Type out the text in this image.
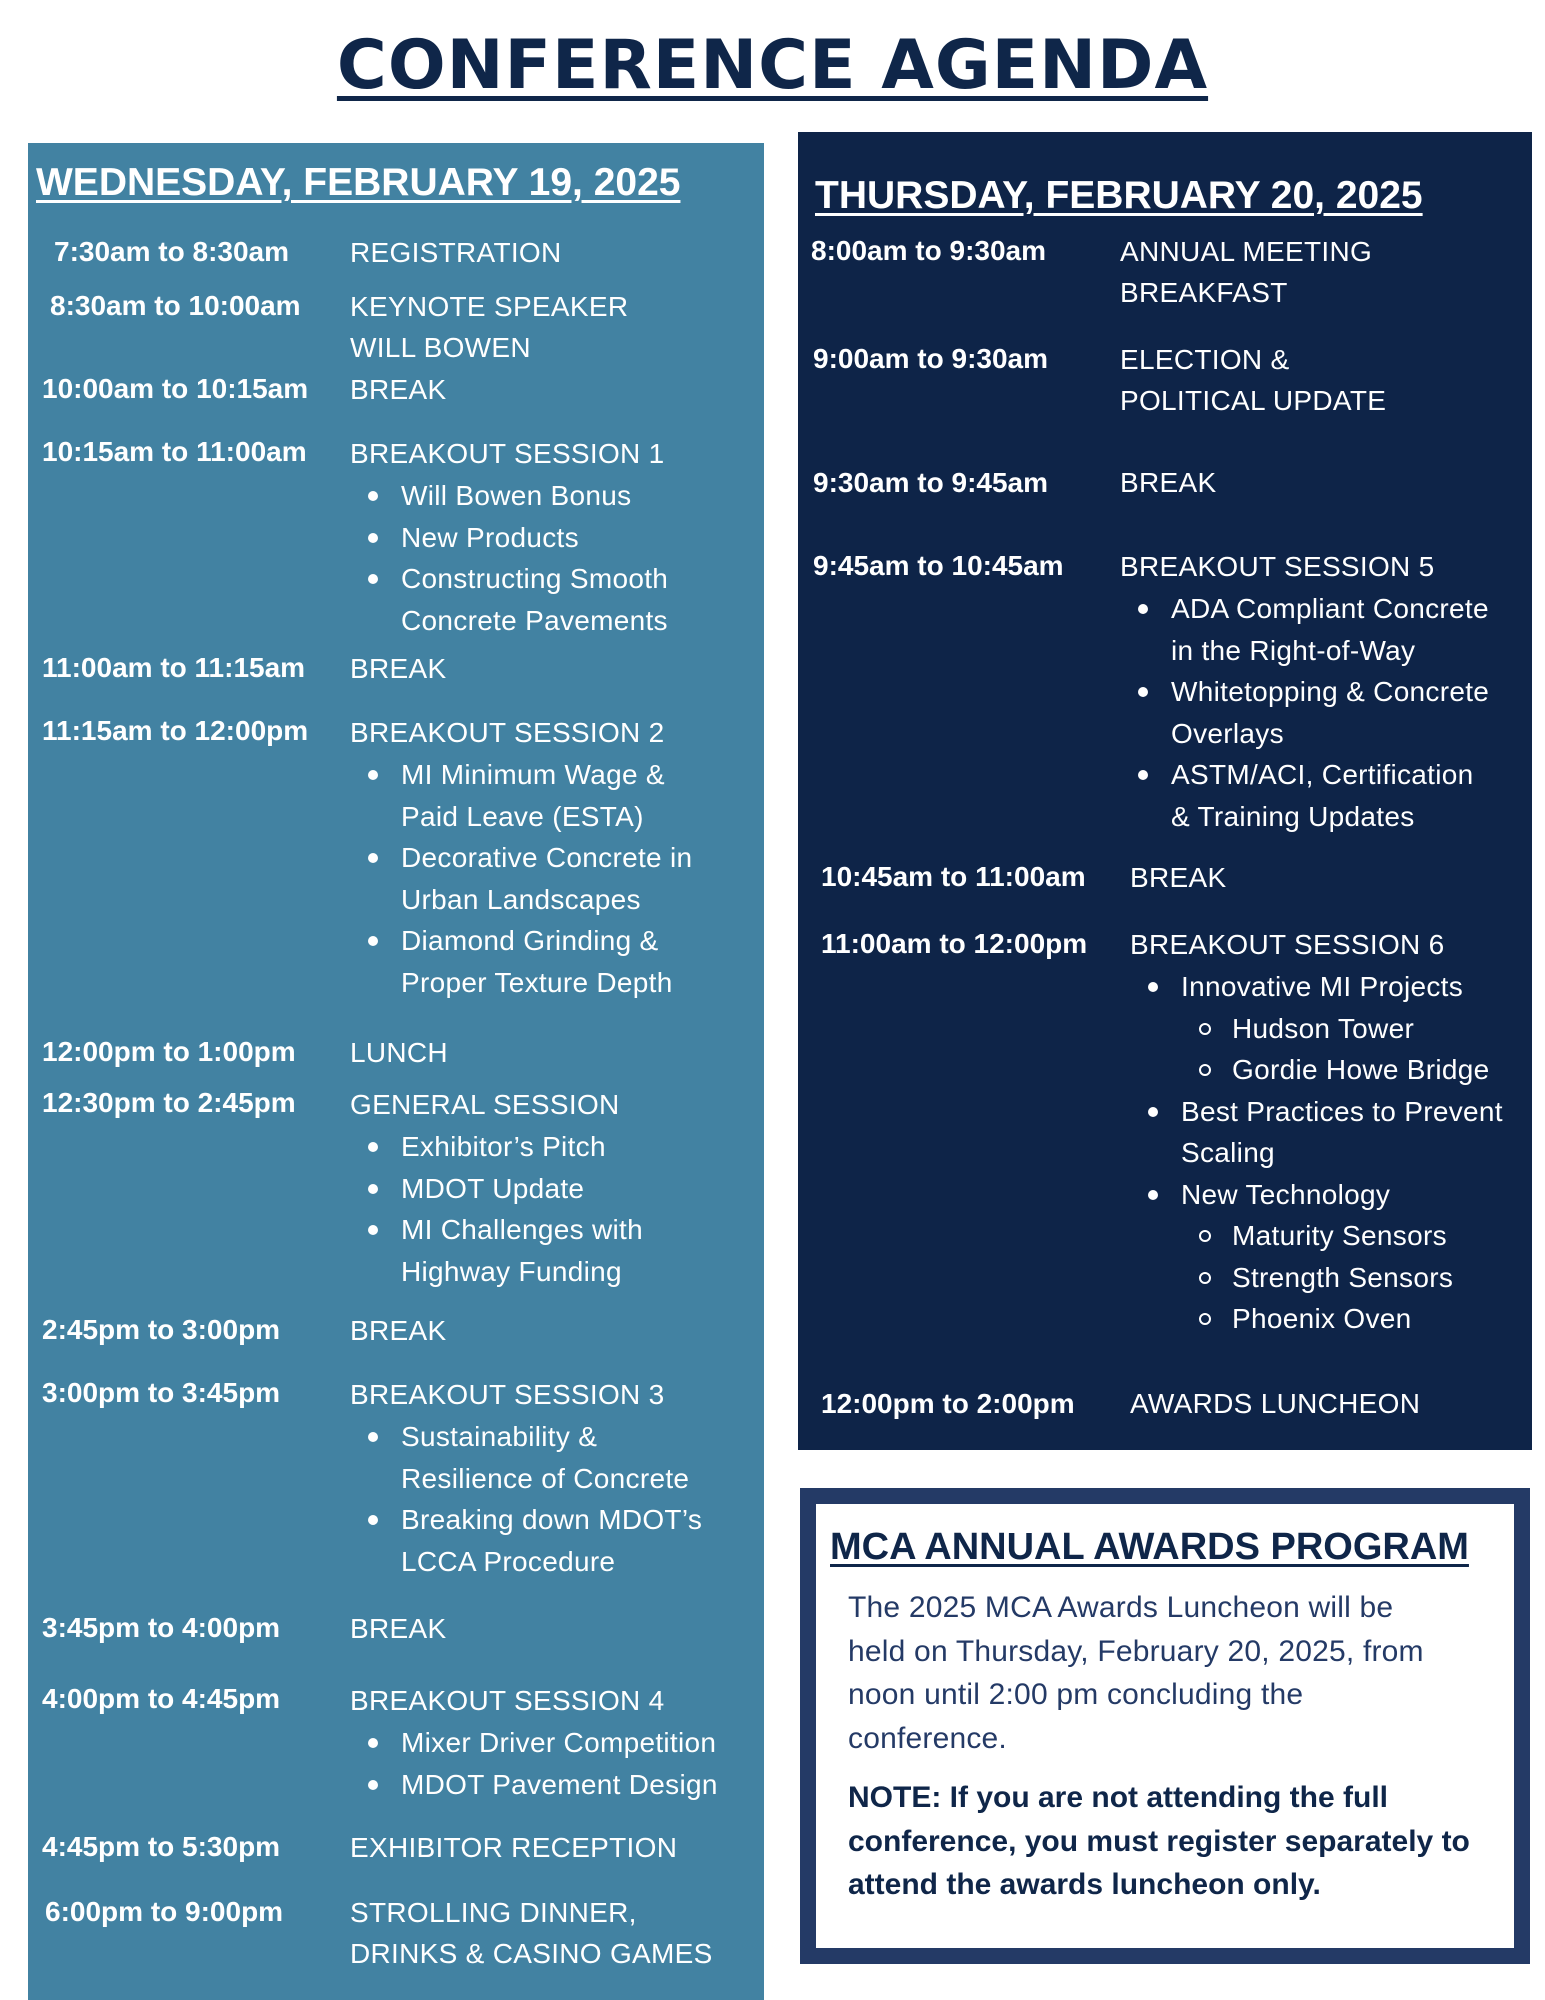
CONFERENCE AGENDA
WEDNESDAY, FEBRUARY 19, 2025
7:30am to 8:30am REGISTRATION
8:30am to 10:00am KEYNOTE SPEAKER
WILL BOWEN
10:00am to 10:15am BREAK
10:15am to 11:00am BREAKOUT SESSION 1
Will Bowen Bonus
New Products
Constructing Smooth
Concrete Pavements
11:00am to 11:15am BREAK
11:15am to 12:00pm BREAKOUT SESSION 2
MI Minimum Wage &
Paid Leave (ESTA)
Decorative Concrete in
Urban Landscapes
Diamond Grinding &
Proper Texture Depth
12:00pm to 1:00pm LUNCH
12:30pm to 2:45pm GENERAL SESSION
Exhibitor’s Pitch
MDOT Update
MI Challenges with
Highway Funding
2:45pm to 3:00pm BREAK
3:00pm to 3:45pm BREAKOUT SESSION 3
Sustainability &
Resilience of Concrete
Breaking down MDOT’s
LCCA Procedure
3:45pm to 4:00pm BREAK
4:00pm to 4:45pm BREAKOUT SESSION 4
Mixer Driver Competition
MDOT Pavement Design
4:45pm to 5:30pm EXHIBITOR RECEPTION
6:00pm to 9:00pm STROLLING DINNER,
DRINKS & CASINO GAMES
THURSDAY, FEBRUARY 20, 2025
8:00am to 9:30am	ANNUAL MEETING
BREAKFAST
9:00am to 9:30am	ELECTION &
POLITICAL UPDATE
9:30am to 9:45am	BREAK
9:45am to 10:45am BREAKOUT SESSION 5
ADA Compliant Concrete
in the Right-of-Way
Whitetopping & Concrete
Overlays
ASTM/ACI, Certification
& Training Updates
10:45am to 11:00am BREAK
11:00am to 12:00pm BREAKOUT SESSION 6
Innovative MI Projects
Hudson Tower
Gordie Howe Bridge
Best Practices to Prevent
Scaling
New Technology
Maturity Sensors
Strength Sensors
Phoenix Oven
12:00pm to 2:00pm AWARDS LUNCHEON
MCA ANNUAL AWARDS PROGRAM
The 2025 MCA Awards Luncheon will be
held on Thursday, February 20, 2025, from
noon until 2:00 pm concluding the
conference.
NOTE: If you are not attending the full
conference, you must register separately to
attend the awards luncheon only.
